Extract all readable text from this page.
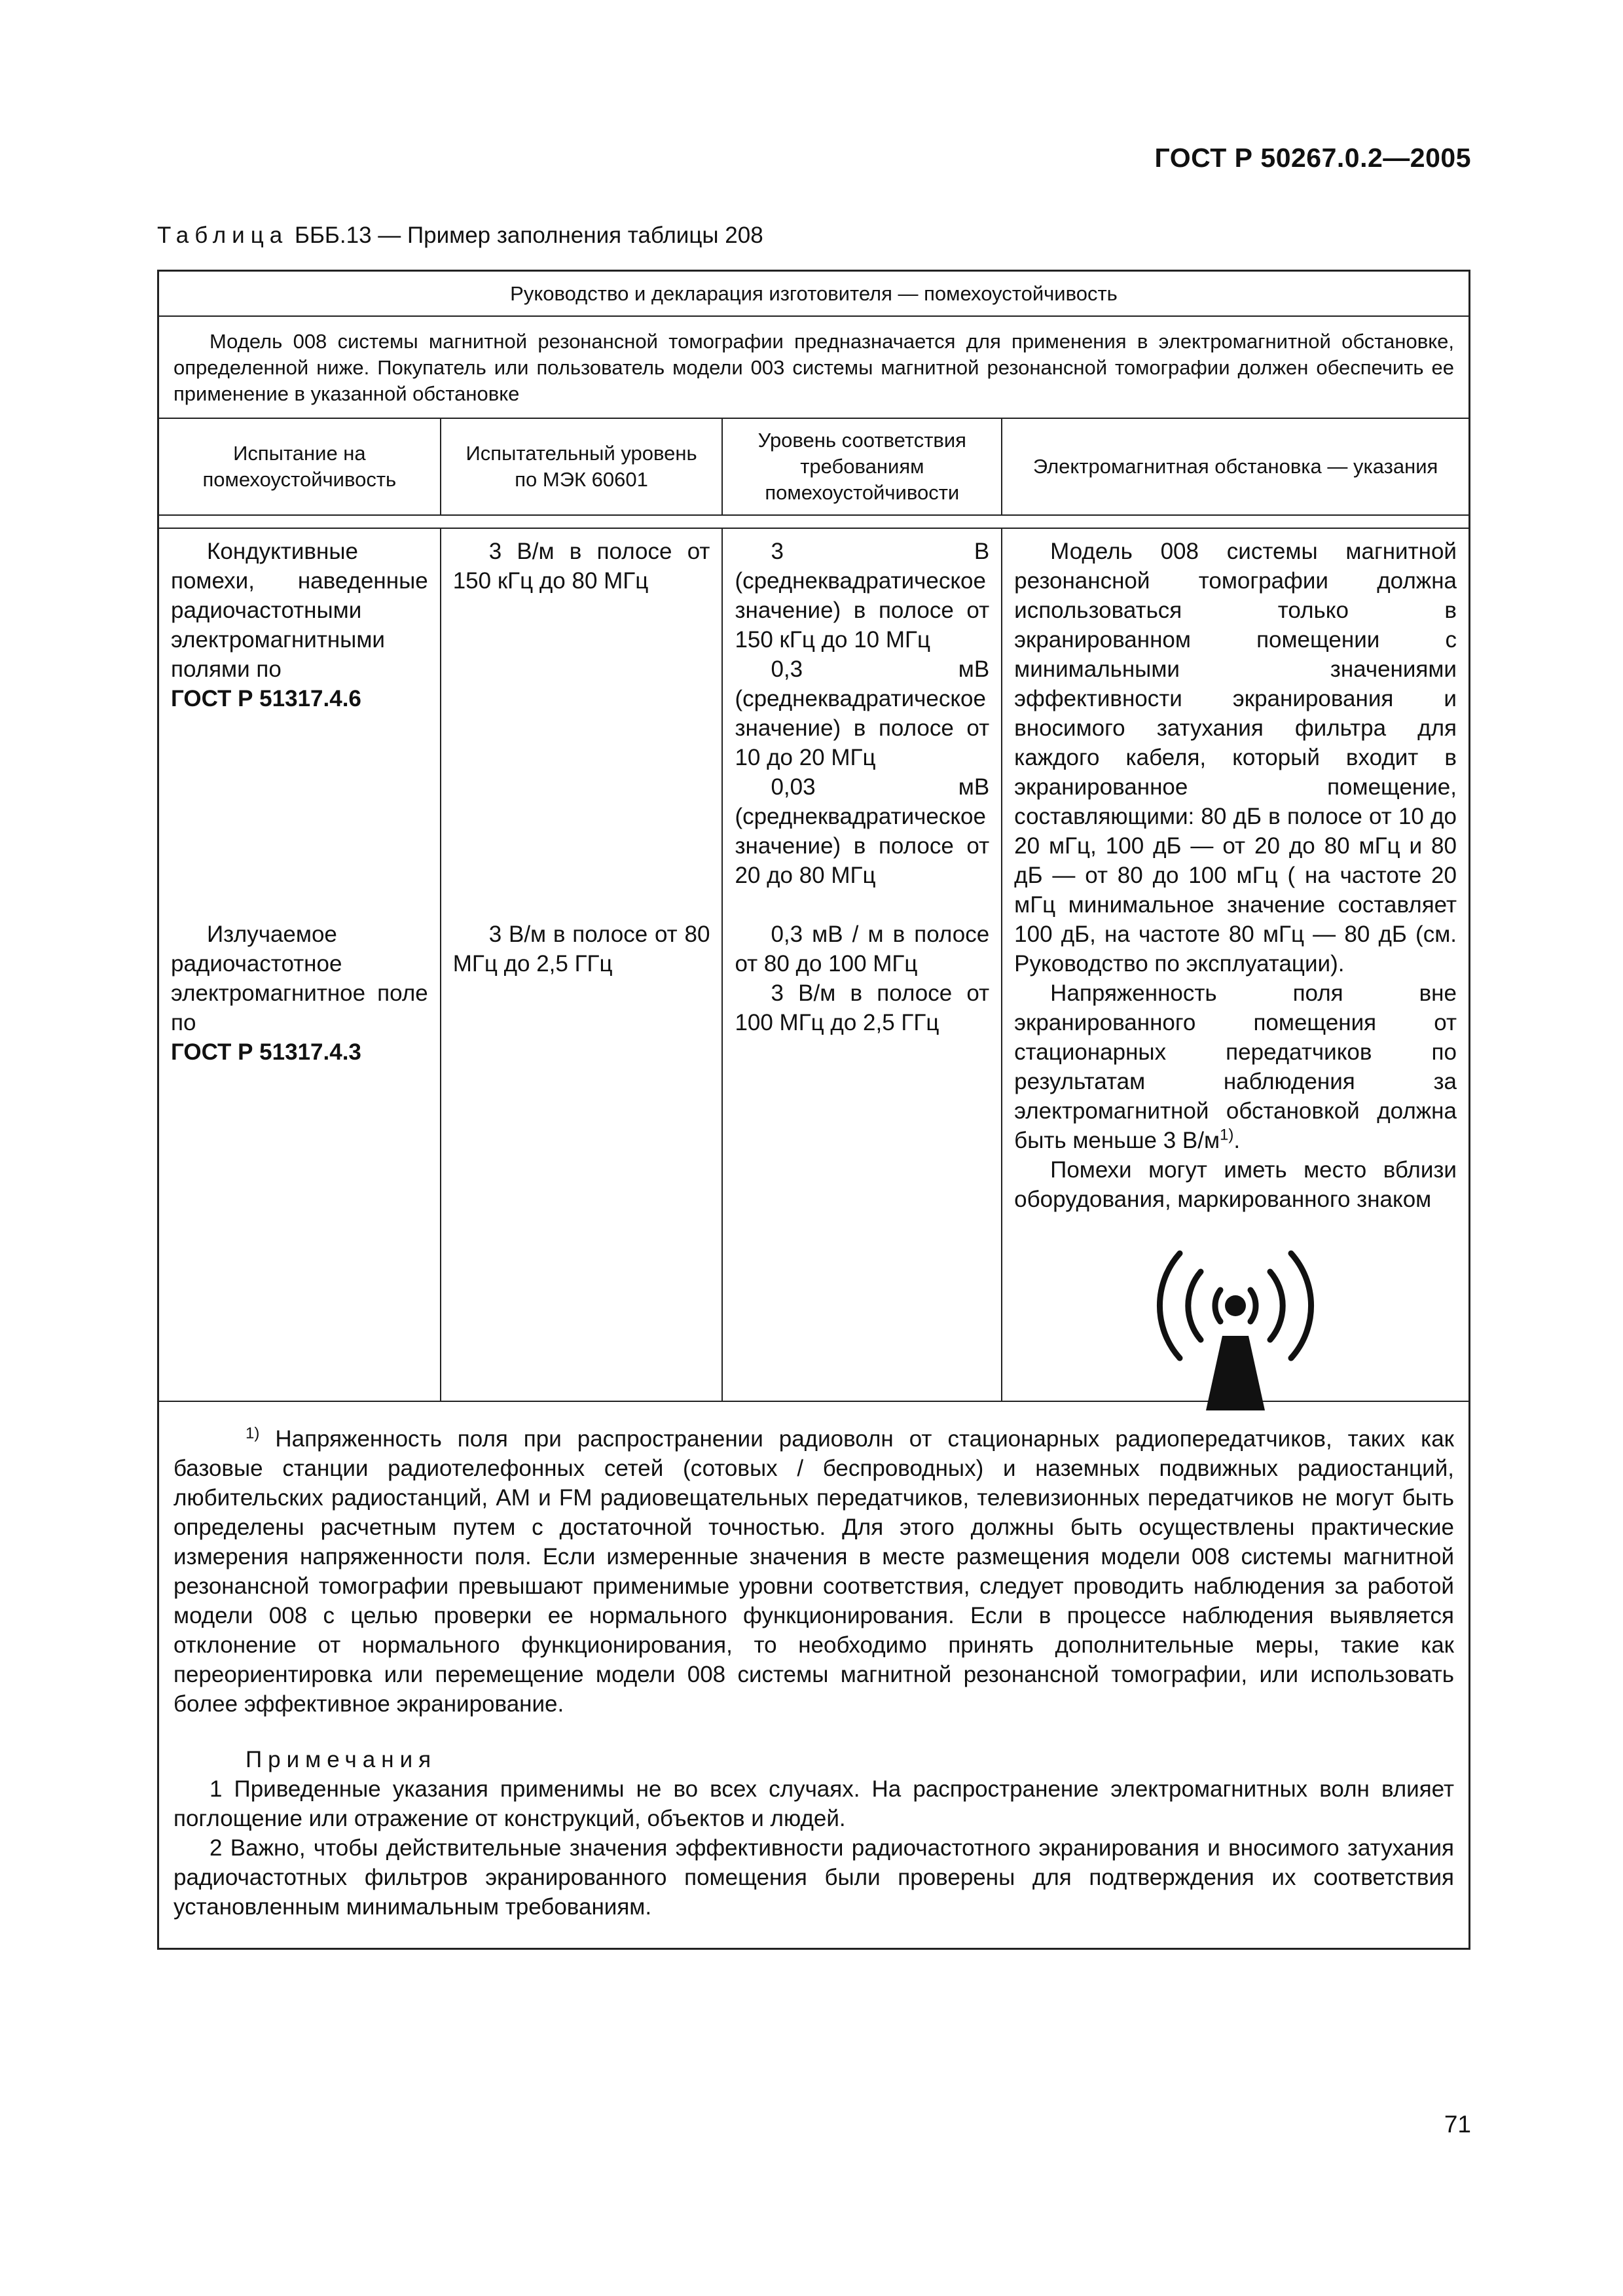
ГОСТ Р 50267.0.2—2005
Таблица БББ.13 — Пример заполнения таблицы 208
Руководство и декларация изготовителя — помехоустойчивость
Модель 008 системы магнитной резонансной томографии предназначается для применения в электромагнитной обстановке, определенной ниже. Покупатель или пользователь модели 003 системы магнитной резонансной томографии должен обеспечить ее применение в указанной обстановке
Испытание на помехоустойчивость
Испытательный уровень по МЭК 60601
Уровень соответствия требованиям помехоустойчивости
Электромагнитная обстановка — указания
Кондуктивные помехи, наведенные радиочастотными электромагнитными полями по
ГОСТ Р 51317.4.6
Излучаемое радиочастотное электромагнитное поле по
ГОСТ Р 51317.4.3
3 В/м в полосе от 150 кГц до 80 МГц
3 В/м в полосе от 80 МГц до 2,5 ГГц
3 В (среднеквадратическое значение) в полосе от 150 кГц до 10 МГц
0,3 мВ (среднеквадратическое значение) в полосе от 10 до 20 МГц
0,03 мВ (среднеквадратическое значение) в полосе от 20 до 80 МГц
0,3 мВ / м в полосе от 80 до 100 МГц
3 В/м в полосе от 100 МГц до 2,5 ГГц
Модель 008 системы магнитной резонансной томографии должна использоваться только в экранированном помещении с минимальными значениями эффективности экранирования и вносимого затухания фильтра для каждого кабеля, который входит в экранированное помещение, составляющими: 80 дБ в полосе от 10 до 20 мГц, 100 дБ — от 20 до 80 мГц и 80 дБ — от 80 до 100 мГц ( на частоте 20 мГц минимальное значение составляет 100 дБ, на частоте 80 мГц — 80 дБ (см. Руководство по эксплуатации).
Напряженность поля вне экранированного помещения от стационарных передатчиков по результатам наблюдения за электромагнитной обстановкой должна быть меньше 3 $В/м^{1)}$.
Помехи могут иметь место вблизи оборудования, маркированного знаком

$^{1)}$ Напряженность поля при распространении радиоволн от стационарных радиопередатчиков, таких как базовые станции радиотелефонных сетей (сотовых / беспроводных) и наземных подвижных радиостанций, любительских радиостанций, AM и FM радиовещательных передатчиков, телевизионных передатчиков не могут быть определены расчетным путем с достаточной точностью. Для этого должны быть осуществлены практические измерения напряженности поля. Если измеренные значения в месте размещения модели 008 системы магнитной резонансной томографии превышают применимые уровни соответствия, следует проводить наблюдения за работой модели 008 с целью проверки ее нормального функционирования. Если в процессе наблюдения выявляется отклонение от нормального функционирования, то необходимо принять дополнительные меры, такие как переориентировка или перемещение модели 008 системы магнитной резонансной томографии, или использовать более эффективное экранирование.

Примечания

1 Приведенные указания применимы не во всех случаях. На распространение электромагнитных волн влияет поглощение или отражение от конструкций, объектов и людей.

2 Важно, чтобы действительные значения эффективности радиочастотного экранирования и вносимого затухания радиочастотных фильтров экранированного помещения были проверены для подтверждения их соответствия установленным минимальным требованиям.

71
